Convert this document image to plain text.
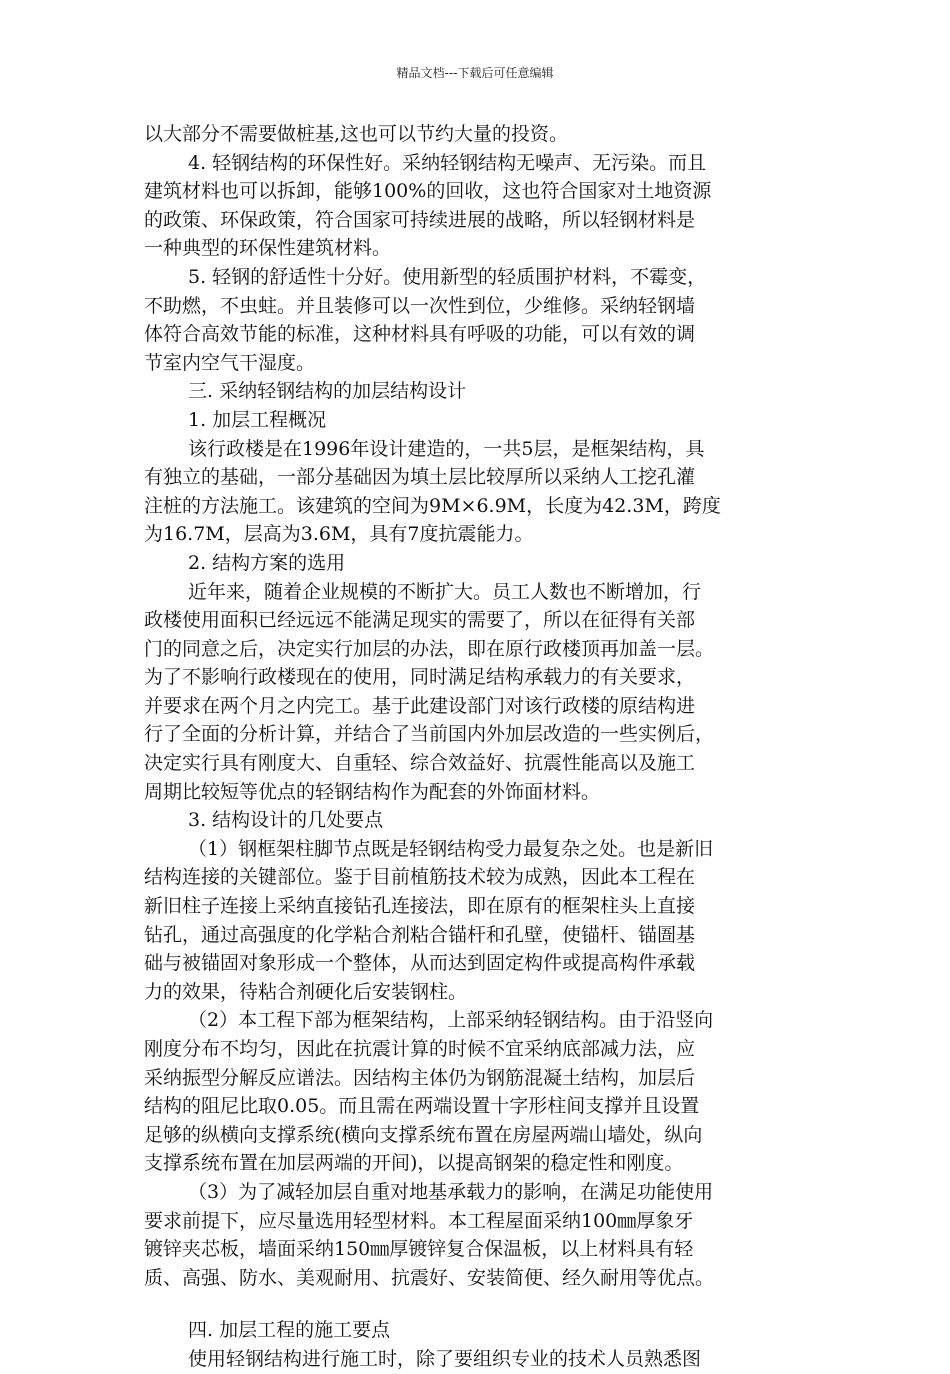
精品文档---下载后可任意编辑
以大部分不需要做桩基,这也可以节约大量的投资。
4. 轻钢结构的环保性好。采纳轻钢结构无噪声、无污染。而且
建筑材料也可以拆卸，能够100%的回收，这也符合国家对土地资源
的政策、环保政策，符合国家可持续进展的战略，所以轻钢材料是
一种典型的环保性建筑材料。
5. 轻钢的舒适性十分好。使用新型的轻质围护材料，不霉变，
不助燃，不虫蛀。并且装修可以一次性到位，少维修。采纳轻钢墙
体符合高效节能的标准，这种材料具有呼吸的功能，可以有效的调
节室内空气干湿度。
三. 采纳轻钢结构的加层结构设计
1. 加层工程概况
该行政楼是在1996年设计建造的，一共5层，是框架结构，具
有独立的基础，一部分基础因为填土层比较厚所以采纳人工挖孔灌
注桩的方法施工。该建筑的空间为9M×6.9M，长度为42.3M，跨度
为16.7M，层高为3.6M，具有7度抗震能力。
2. 结构方案的选用
近年来，随着企业规模的不断扩大。员工人数也不断增加，行
政楼使用面积已经远远不能满足现实的需要了，所以在征得有关部
门的同意之后，决定实行加层的办法，即在原行政楼顶再加盖一层。
为了不影响行政楼现在的使用，同时满足结构承载力的有关要求，
并要求在两个月之内完工。基于此建设部门对该行政楼的原结构进
行了全面的分析计算，并结合了当前国内外加层改造的一些实例后，
决定实行具有刚度大、自重轻、综合效益好、抗震性能高以及施工
周期比较短等优点的轻钢结构作为配套的外饰面材料。
3. 结构设计的几处要点
（1）钢框架柱脚节点既是轻钢结构受力最复杂之处。也是新旧
结构连接的关键部位。鉴于目前植筋技术较为成熟，因此本工程在
新旧柱子连接上采纳直接钻孔连接法，即在原有的框架柱头上直接
钻孔，通过高强度的化学粘合剂粘合锚杆和孔壁，使锚杆、锚圄基
础与被锚固对象形成一个整体，从而达到固定构件或提高构件承载
力的效果，待粘合剂硬化后安装钢柱。
（2）本工程下部为框架结构，上部采纳轻钢结构。由于沿竖向
刚度分布不均匀，因此在抗震计算的时候不宜采纳底部减力法，应
采纳振型分解反应谱法。因结构主体仍为钢筋混凝土结构，加层后
结构的阻尼比取0.05。而且需在两端设置十字形柱间支撑并且设置
足够的纵横向支撑系统(横向支撑系统布置在房屋两端山墙处，纵向
支撑系统布置在加层两端的开间)，以提高钢架的稳定性和刚度。
（3）为了减轻加层自重对地基承载力的影响，在满足功能使用
要求前提下，应尽量选用轻型材料。本工程屋面采纳100㎜厚象牙
镀锌夹芯板，墙面采纳150㎜厚镀锌复合保温板，以上材料具有轻
质、高强、防水、美观耐用、抗震好、安装简便、经久耐用等优点。
四. 加层工程的施工要点
使用轻钢结构进行施工时，除了要组织专业的技术人员熟悉图
